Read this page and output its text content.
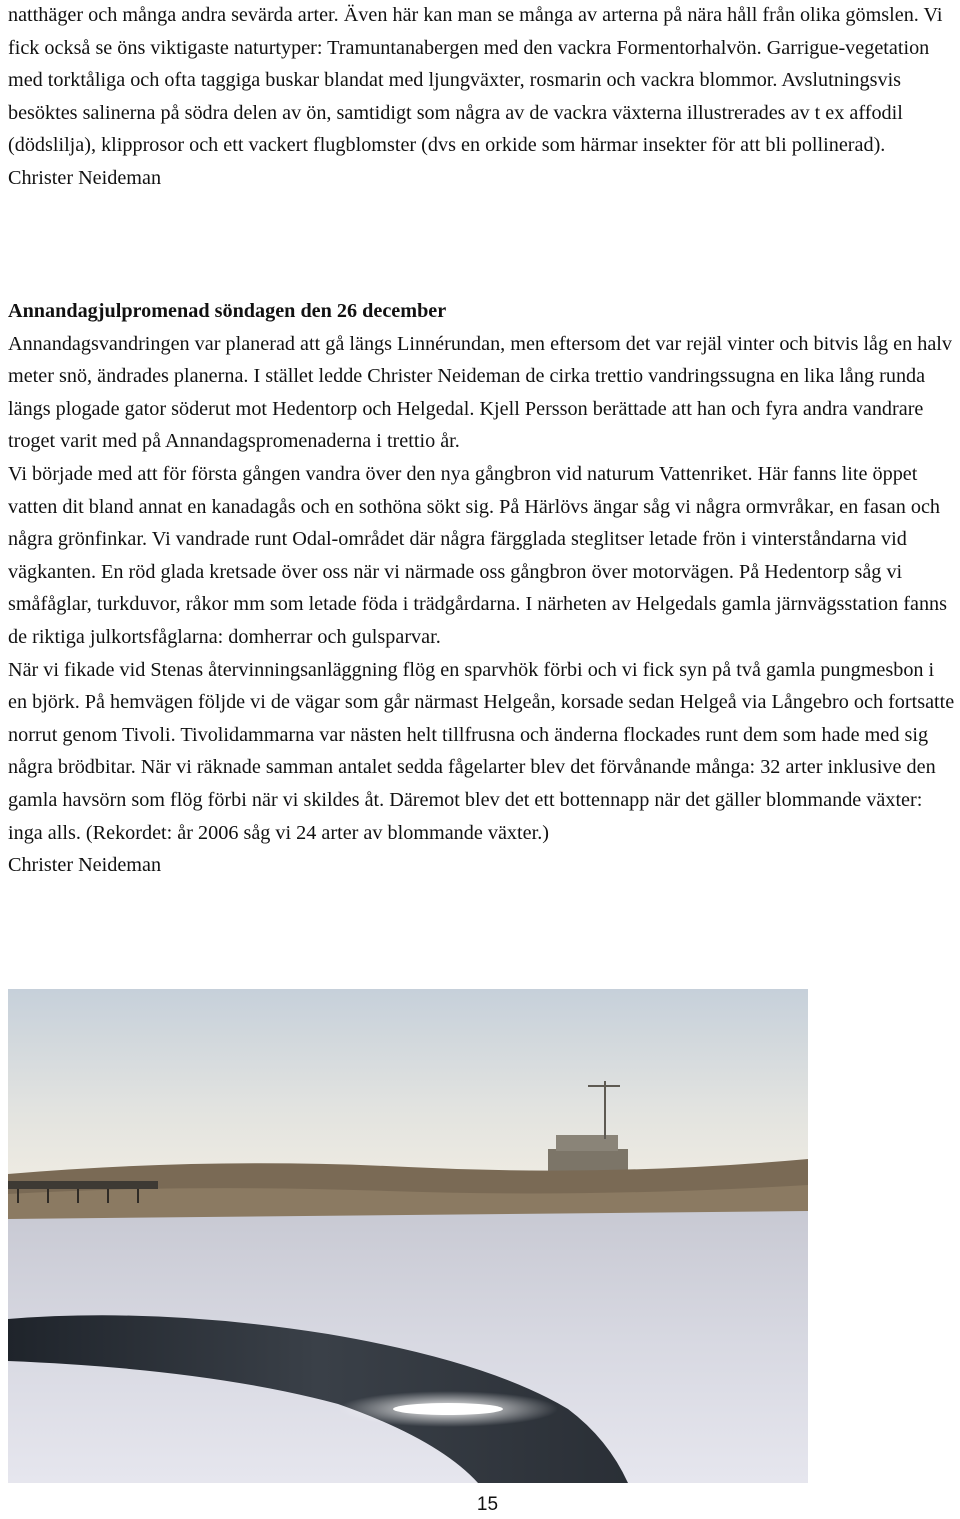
natthäger och många andra sevärda arter. Även här kan man se många av arterna på nära håll från olika gömslen. Vi fick också se öns viktigaste naturtyper: Tramuntanabergen med den vackra Formentorhalvön. Garrigue-vegetation med torktåliga och ofta taggiga buskar blandat med ljungväxter, rosmarin och vackra blommor. Avslutningsvis besöktes salinerna på södra delen av ön, samtidigt som några av de vackra växterna illustrerades av t ex affodil (dödslilja), klipprosor och ett vackert flugblomster (dvs en orkide som härmar insekter för att bli pollinerad).
Christer Neideman
Annandagjulpromenad söndagen den 26 december
Annandagsvandringen var planerad att gå längs Linnérundan, men eftersom det var rejäl vinter och bitvis låg en halv meter snö, ändrades planerna. I stället ledde Christer Neideman de cirka trettio vandringssugna en lika lång runda längs plogade gator söderut mot Hedentorp och Helgedal. Kjell Persson berättade att han och fyra andra vandrare troget varit med på Annandagspromenaderna i trettio år.
Vi började med att för första gången vandra över den nya gångbron vid naturum Vattenriket. Här fanns lite öppet vatten dit bland annat en kanadagås och en sothöna sökt sig. På Härlövs ängar såg vi några ormvråkar, en fasan och några grönfinkar. Vi vandrade runt Odal-området där några färgglada steglitser letade frön i vinterståndarna vid vägkanten. En röd glada kretsade över oss när vi närmade oss gångbron över motorvägen. På Hedentorp såg vi småfåglar, turkduvor, råkor mm som letade föda i trädgårdarna. I närheten av Helgedals gamla järnvägsstation fanns de riktiga julkortsfåglarna: domherrar och gulsparvar.
När vi fikade vid Stenas återvinningsanläggning flög en sparvhök förbi och vi fick syn på två gamla pungmesbon i en björk. På hemvägen följde vi de vägar som går närmast Helgeån, korsade sedan Helgeå via Långebro och fortsatte norrut genom Tivoli. Tivolidammarna var nästen helt tillfrusna och änderna flockades runt dem som hade med sig några brödbitar. När vi räknade samman antalet sedda fågelarter blev det förvånande många: 32 arter inklusive den gamla havsörn som flög förbi när vi skildes åt. Däremot blev det ett bottennapp när det gäller blommande växter: inga alls. (Rekordet: år 2006 såg vi 24 arter av blommande växter.)
Christer Neideman
15
